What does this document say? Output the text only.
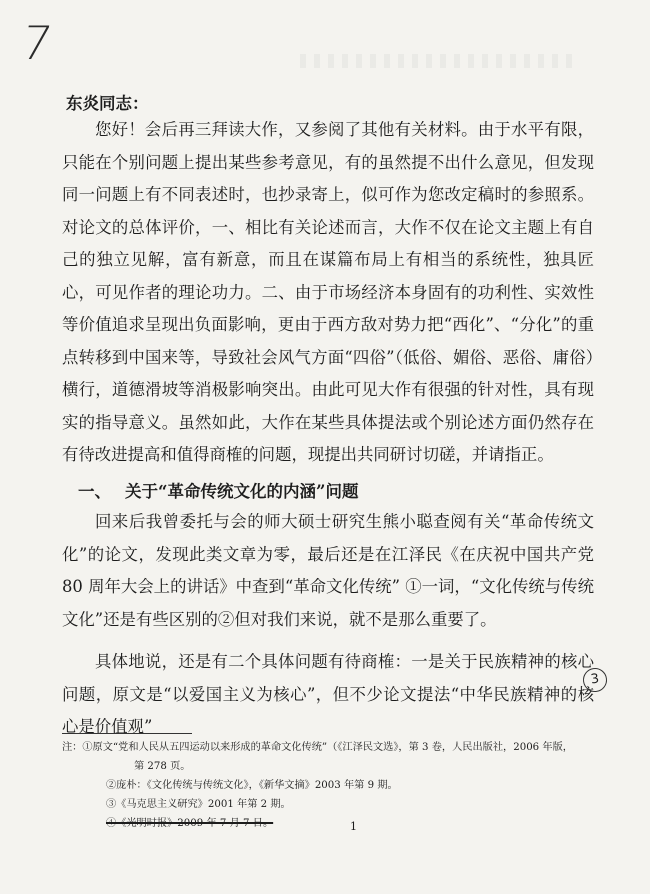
7
东炎同志：
您好！会后再三拜读大作，又参阅了其他有关材料。由于水平有限，只能在个别问题上提出某些参考意见，有的虽然提不出什么意见，但发现同一问题上有不同表述时，也抄录寄上，似可作为您改定稿时的参照系。对论文的总体评价，一、相比有关论述而言，大作不仅在论文主题上有自己的独立见解，富有新意，而且在谋篇布局上有相当的系统性，独具匠心，可见作者的理论功力。二、由于市场经济本身固有的功利性、实效性等价值追求呈现出负面影响，更由于西方敌对势力把“西化”、“分化”的重点转移到中国来等，导致社会风气方面“四俗”（低俗、媚俗、恶俗、庸俗）横行，道德滑坡等消极影响突出。由此可见大作有很强的针对性，具有现实的指导意义。虽然如此，大作在某些具体提法或个别论述方面仍然存在有待改进提高和值得商榷的问题，现提出共同研讨切磋，并请指正。
一、 关于“革命传统文化的内涵”问题
回来后我曾委托与会的师大硕士研究生熊小聪查阅有关“革命传统文化”的论文，发现此类文章为零，最后还是在江泽民《在庆祝中国共产党 80 周年大会上的讲话》中查到“革命文化传统” ①一词，“文化传统与传统文化”还是有些区别的②但对我们来说，就不是那么重要了。
具体地说，还是有二个具体问题有待商榷：一是关于民族精神的核心问题，原文是“以爱国主义为核心”，但不少论文提法“中华民族精神的核心是价值观”
3
注：①原文“党和人民从五四运动以来形成的革命文化传统”（《江泽民文选》，第 3 卷，人民出版社，2006 年版，
第 278 页。
②庞朴：《文化传统与传统文化》，《新华文摘》2003 年第 9 期。
③《马克思主义研究》2001 年第 2 期。
④《光明时报》2009 年 7 月 7 日。	1
